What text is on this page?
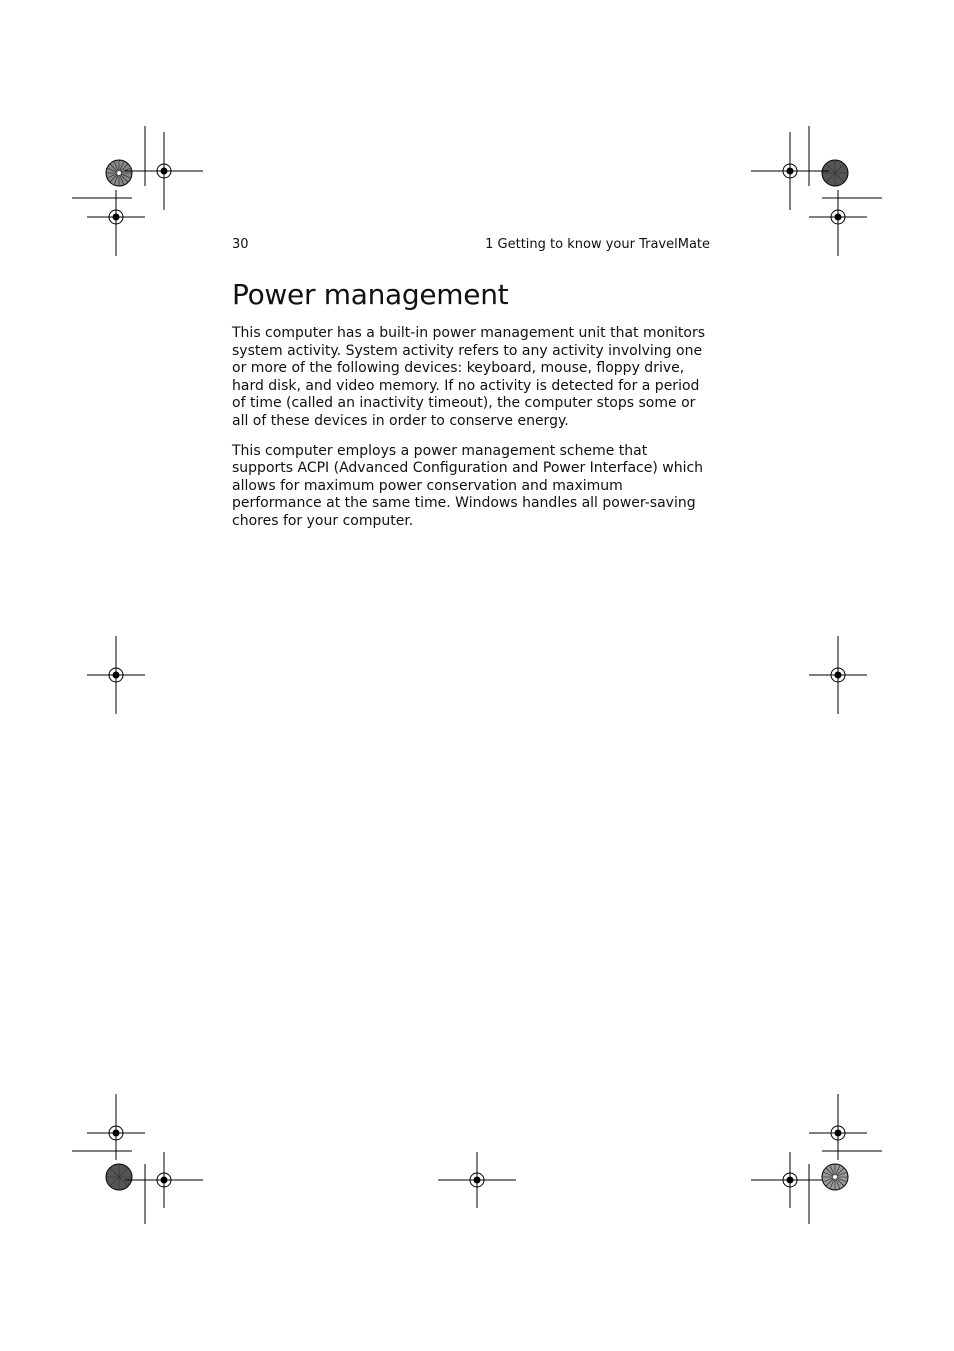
30	1 Getting to know your TravelMate
Power management

This computer has a built-in power management unit that monitors system activity. System activity refers to any activity involving one or more of the following devices: keyboard, mouse, floppy drive, hard disk, and video memory. If no activity is detected for a period of time (called an inactivity timeout), the computer stops some or all of these devices in order to conserve energy.

This computer employs a power management scheme that supports ACPI (Advanced Configuration and Power Interface) which allows for maximum power conservation and maximum performance at the same time. Windows handles all power-saving chores for your computer.
